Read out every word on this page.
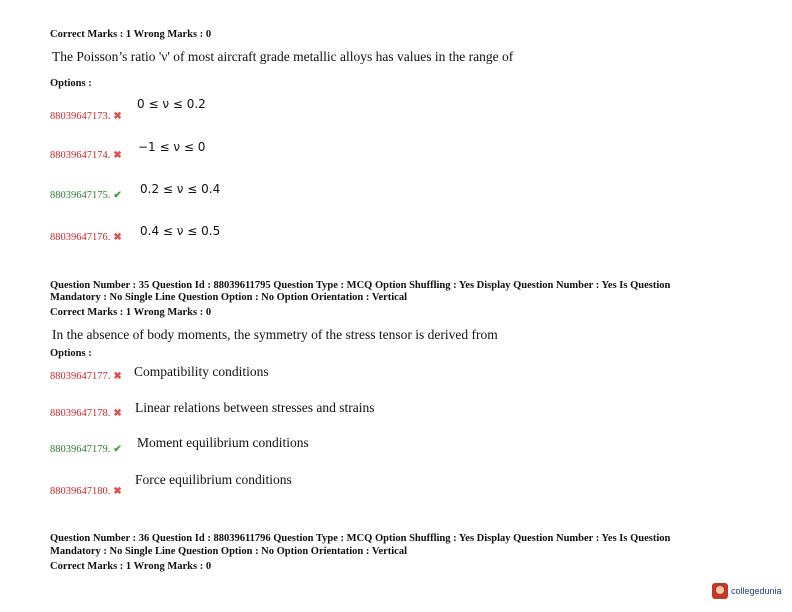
Correct Marks : 1 Wrong Marks : 0
The Poisson’s ratio 'ν' of most aircraft grade metallic alloys has values in the range of
Options :
88039647173. ✖
0 ≤ ν ≤ 0.2
88039647174. ✖
−1 ≤ ν ≤ 0
88039647175. ✔ 0.2 ≤ ν ≤ 0.4
88039647176. ✖ 0.4 ≤ ν ≤ 0.5
Question Number : 35 Question Id : 88039611795 Question Type : MCQ Option Shuffling : Yes Display Question Number : Yes Is Question
Mandatory : No Single Line Question Option : No Option Orientation : Vertical
Correct Marks : 1 Wrong Marks : 0
In the absence of body moments, the symmetry of the stress tensor is derived from
Options :
88039647177. ✖ Compatibility conditions
88039647178. ✖ Linear relations between stresses and strains
88039647179. ✔ Moment equilibrium conditions
88039647180. ✖
Force equilibrium conditions
Question Number : 36 Question Id : 88039611796 Question Type : MCQ Option Shuffling : Yes Display Question Number : Yes Is Question
Mandatory : No Single Line Question Option : No Option Orientation : Vertical
Correct Marks : 1 Wrong Marks : 0
collegedunia
